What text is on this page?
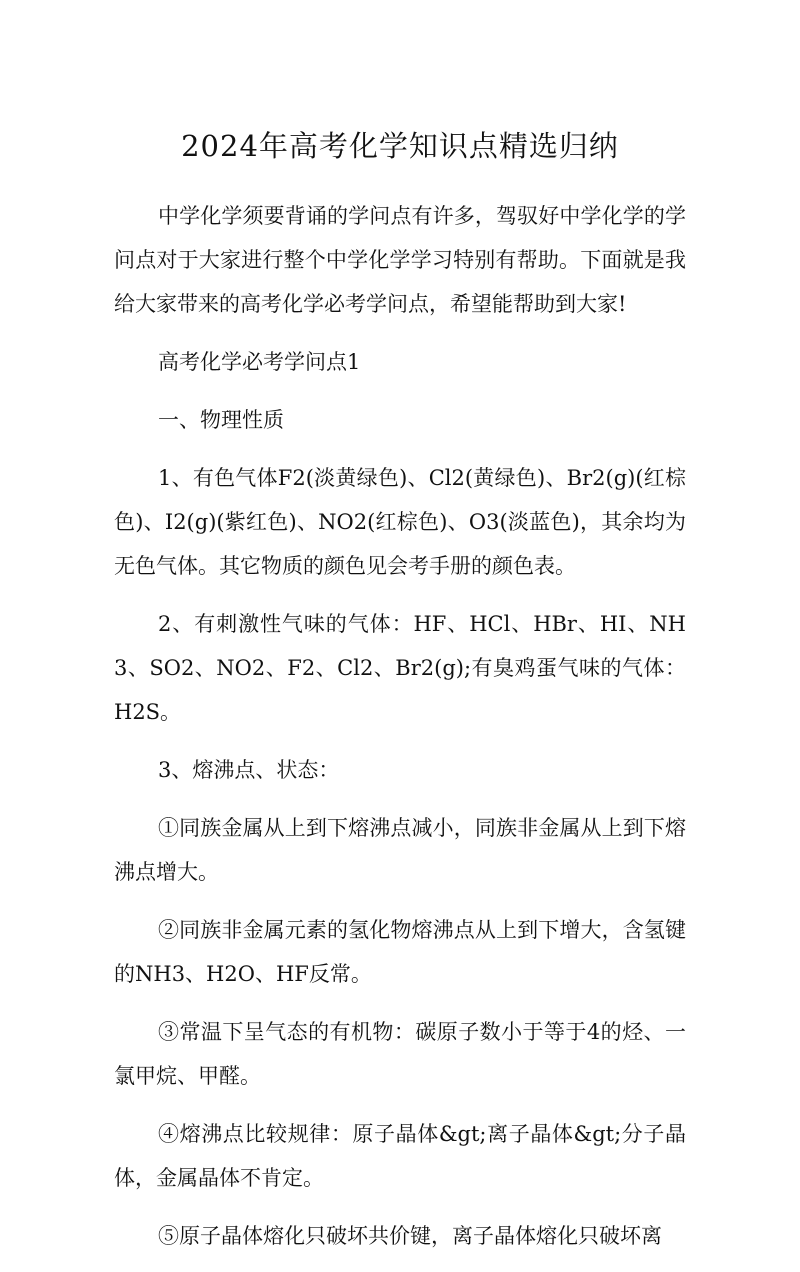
2024年高考化学知识点精选归纳

中学化学须要背诵的学问点有许多，驾驭好中学化学的学问点对于大家进行整个中学化学学习特别有帮助。下面就是我给大家带来的高考化学必考学问点，希望能帮助到大家!

高考化学必考学问点1

一、物理性质

1、有色气体F2(淡黄绿色)、Cl2(黄绿色)、Br2(g)(红棕色)、I2(g)(紫红色)、NO2(红棕色)、O3(淡蓝色)，其余均为无色气体。其它物质的颜色见会考手册的颜色表。

2、有刺激性气味的气体：HF、HCl、HBr、HI、NH3、SO2、NO2、F2、Cl2、Br2(g);有臭鸡蛋气味的气体：H2S。

3、熔沸点、状态：

①同族金属从上到下熔沸点减小，同族非金属从上到下熔沸点增大。

②同族非金属元素的氢化物熔沸点从上到下增大，含氢键的NH3、H2O、HF反常。

③常温下呈气态的有机物：碳原子数小于等于4的烃、一氯甲烷、甲醛。

④熔沸点比较规律：原子晶体&gt;离子晶体&gt;分子晶体，金属晶体不肯定。

⑤原子晶体熔化只破坏共价键，离子晶体熔化只破坏离
